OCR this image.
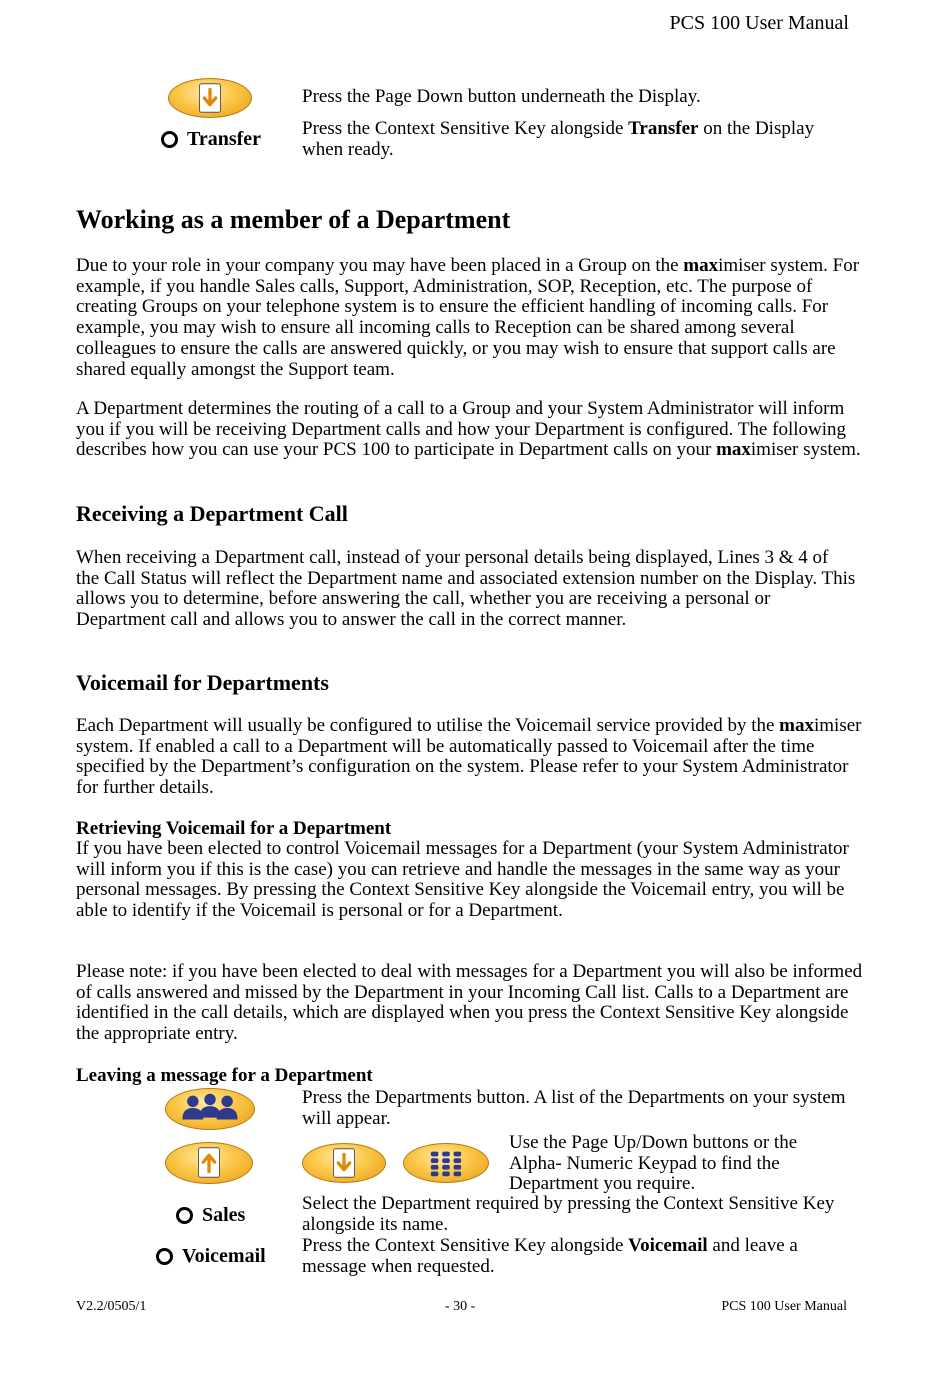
PCS 100 User Manual
Transfer

Press the Page Down button underneath the Display.

Press the Context Sensitive Key alongside Transfer on the Display when ready.

Working as a member of a Department

Due to your role in your company you may have been placed in a Group on the maximiser system. For example, if you handle Sales calls, Support, Administration, SOP, Reception, etc. The purpose of creating Groups on your telephone system is to ensure the efficient handling of incoming calls. For example, you may wish to ensure all incoming calls to Reception can be shared among several colleagues to ensure the calls are answered quickly, or you may wish to ensure that support calls are shared equally amongst the Support team.

A Department determines the routing of a call to a Group and your System Administrator will inform you if you will be receiving Department calls and how your Department is configured. The following describes how you can use your PCS 100 to participate in Department calls on your maximiser system.

Receiving a Department Call

When receiving a Department call, instead of your personal details being displayed, Lines 3 & 4 of the Call Status will reflect the Department name and associated extension number on the Display. This allows you to determine, before answering the call, whether you are receiving a personal or Department call and allows you to answer the call in the correct manner.

Voicemail for Departments

Each Department will usually be configured to utilise the Voicemail service provided by the maximiser system. If enabled a call to a Department will be automatically passed to Voicemail after the time specified by the Department’s configuration on the system. Please refer to your System Administrator for further details.

Retrieving Voicemail for a Department

If you have been elected to control Voicemail messages for a Department (your System Administrator will inform you if this is the case) you can retrieve and handle the messages in the same way as your personal messages. By pressing the Context Sensitive Key alongside the Voicemail entry, you will be able to identify if the Voicemail is personal or for a Department.

Please note: if you have been elected to deal with messages for a Department you will also be informed of calls answered and missed by the Department in your Incoming Call list. Calls to a Department are identified in the call details, which are displayed when you press the Context Sensitive Key alongside the appropriate entry.

Leaving a message for a Department
Sales
Voicemail

Press the Departments button. A list of the Departments on your system will appear.

Use the Page Up/Down buttons or the Alpha- Numeric Keypad to find the Department you require.

Select the Department required by pressing the Context Sensitive Key alongside its name.

Press the Context Sensitive Key alongside Voicemail and leave a message when requested.

V2.2/0505/1	- 30 -	PCS 100 User Manual
